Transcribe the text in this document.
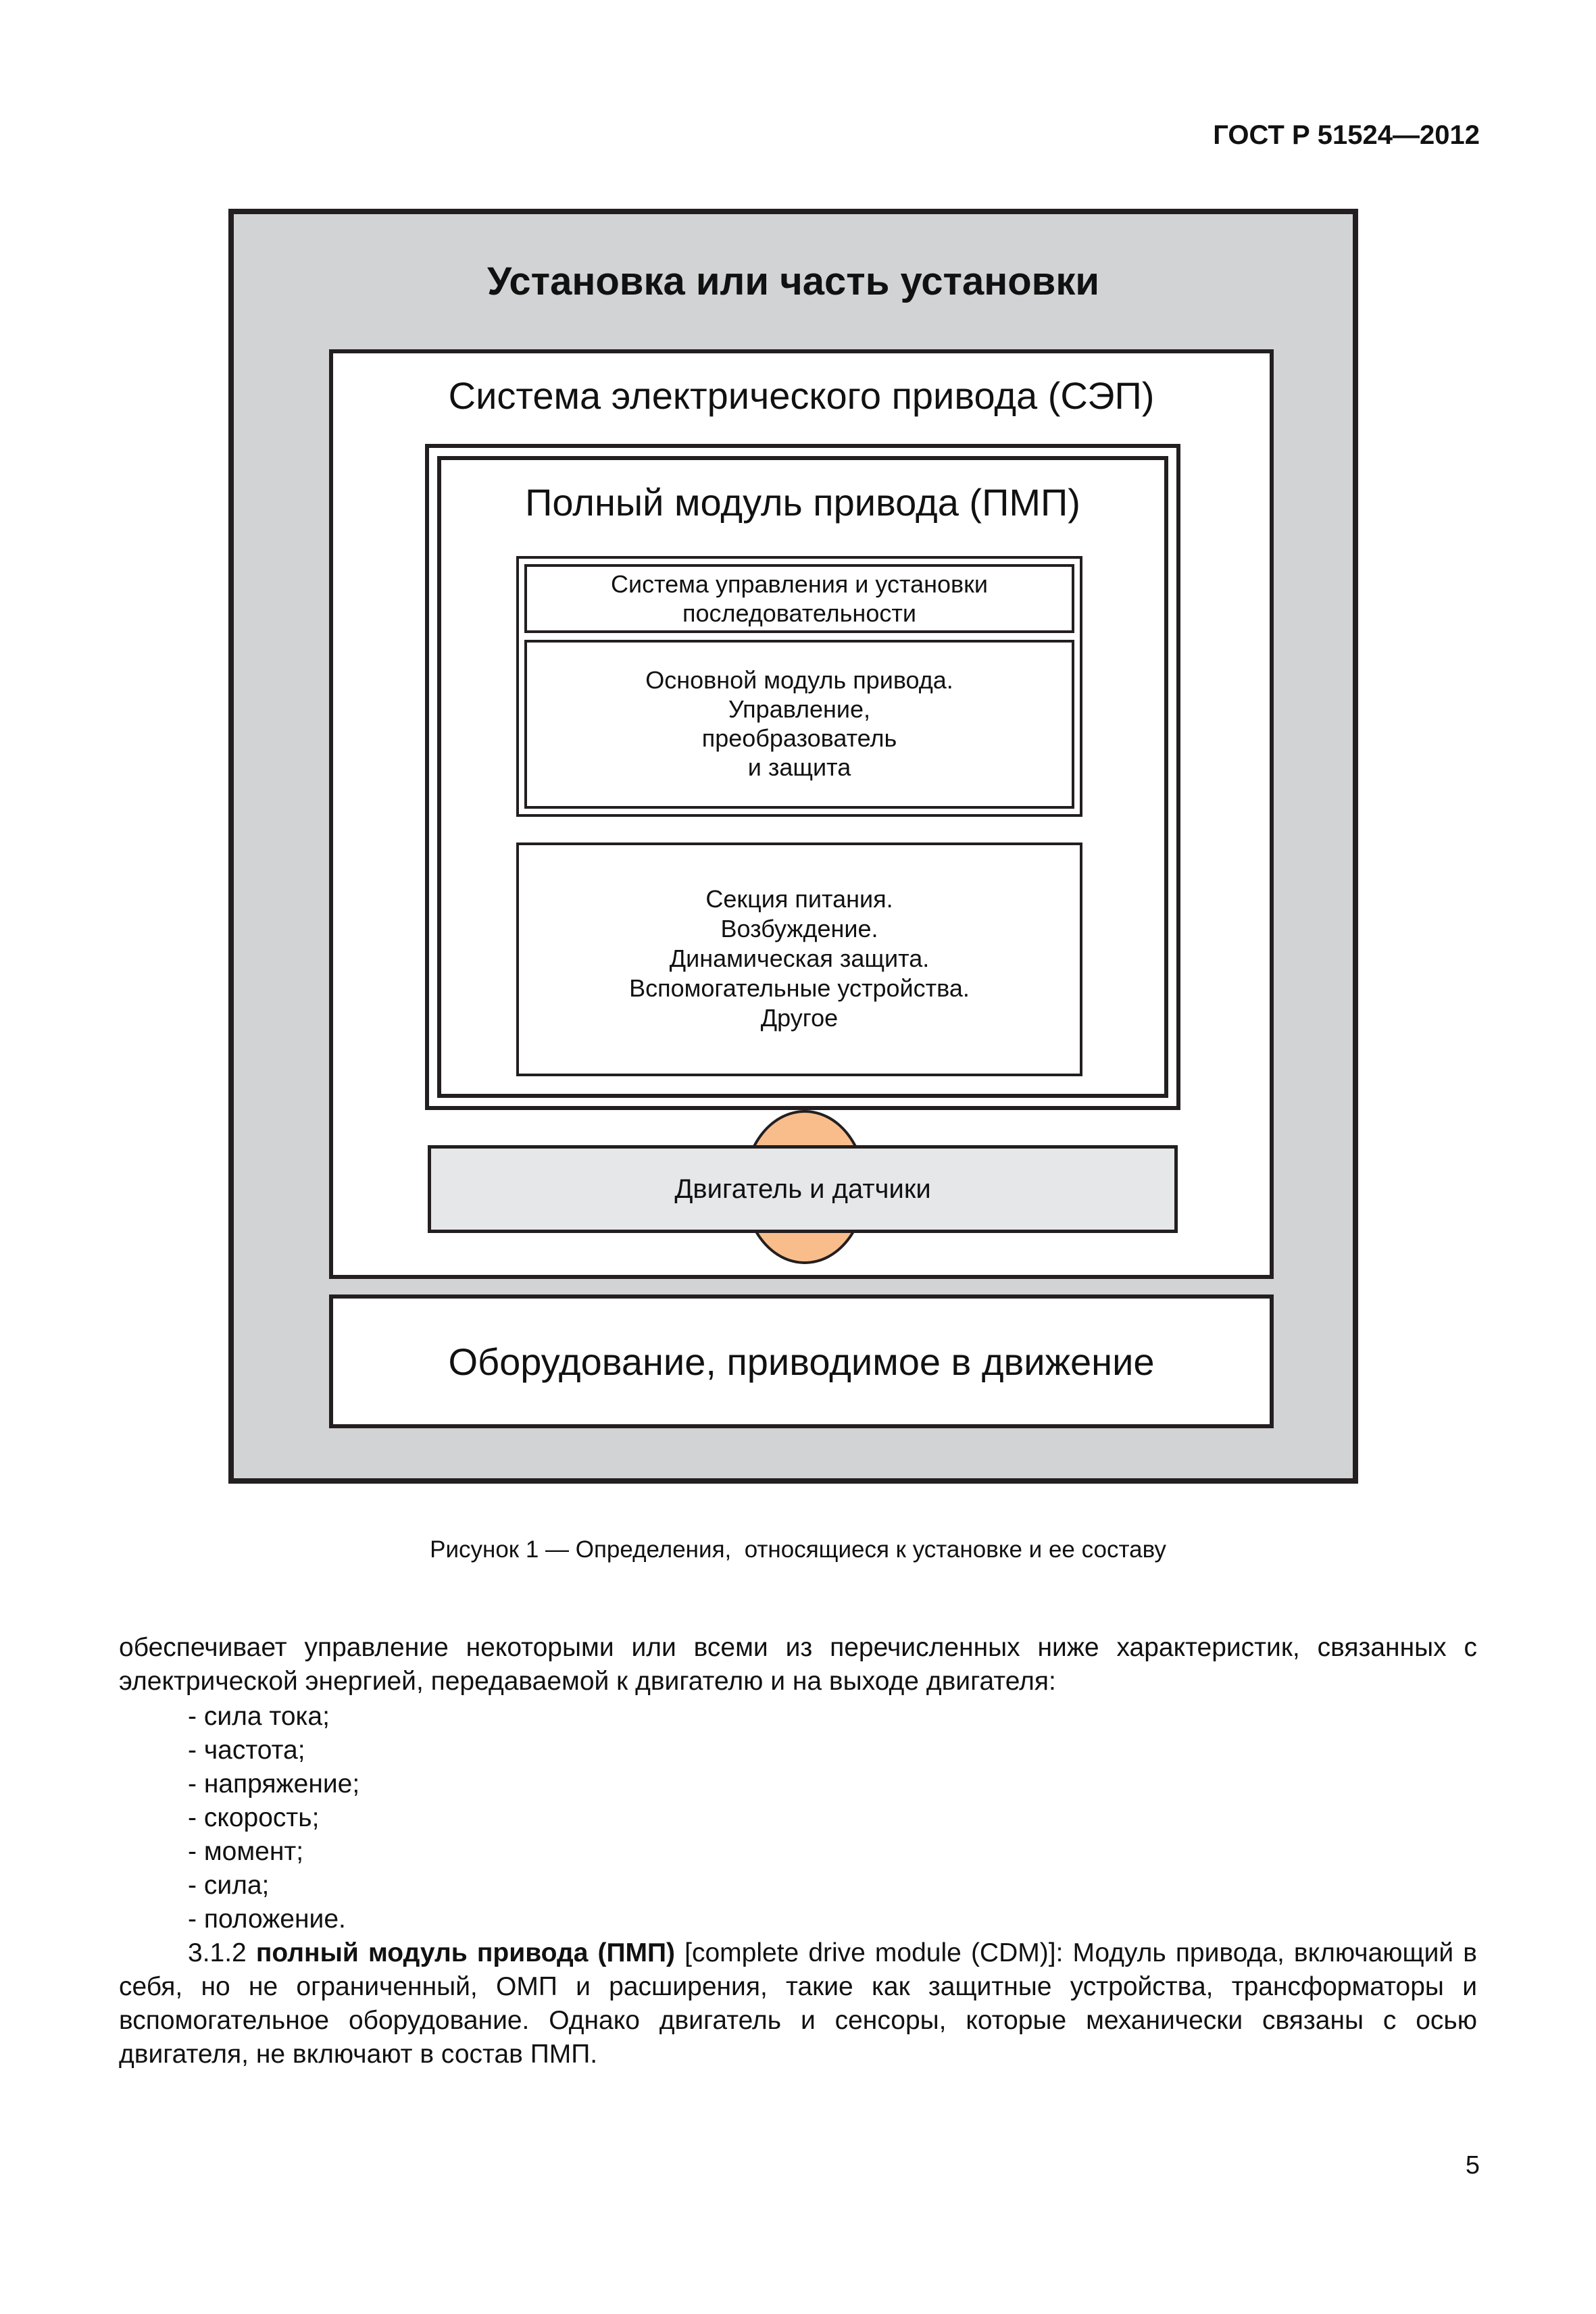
ГОСТ Р 51524—2012
Установка или часть установки
Система электрического привода (СЭП)
Полный модуль привода (ПМП)
Система управления и установки
последовательности
Основной модуль привода.
Управление,
преобразователь
и защита
Секция питания.
Возбуждение.
Динамическая защита.
Вспомогательные устройства.
Другое
Двигатель и датчики
Оборудование, приводимое в движение
Рисунок 1 — Определения,  относящиеся к установке и ее составу
обеспечивает управление некоторыми или всеми из перечисленных ниже характеристик, связанных с электрической энергией, передаваемой к двигателю и на выходе двигателя:
- сила тока;
- частота;
- напряжение;
- скорость;
- момент;
- сила;
- положение.
3.1.2 полный модуль привода (ПМП) [complete drive module (CDM)]: Модуль привода, включающий в себя, но не ограниченный, ОМП и расширения, такие как защитные устройства, трансформаторы и вспомогательное оборудование. Однако двигатель и сенсоры, которые механически связаны с осью двигателя, не включают в состав ПМП.
5
